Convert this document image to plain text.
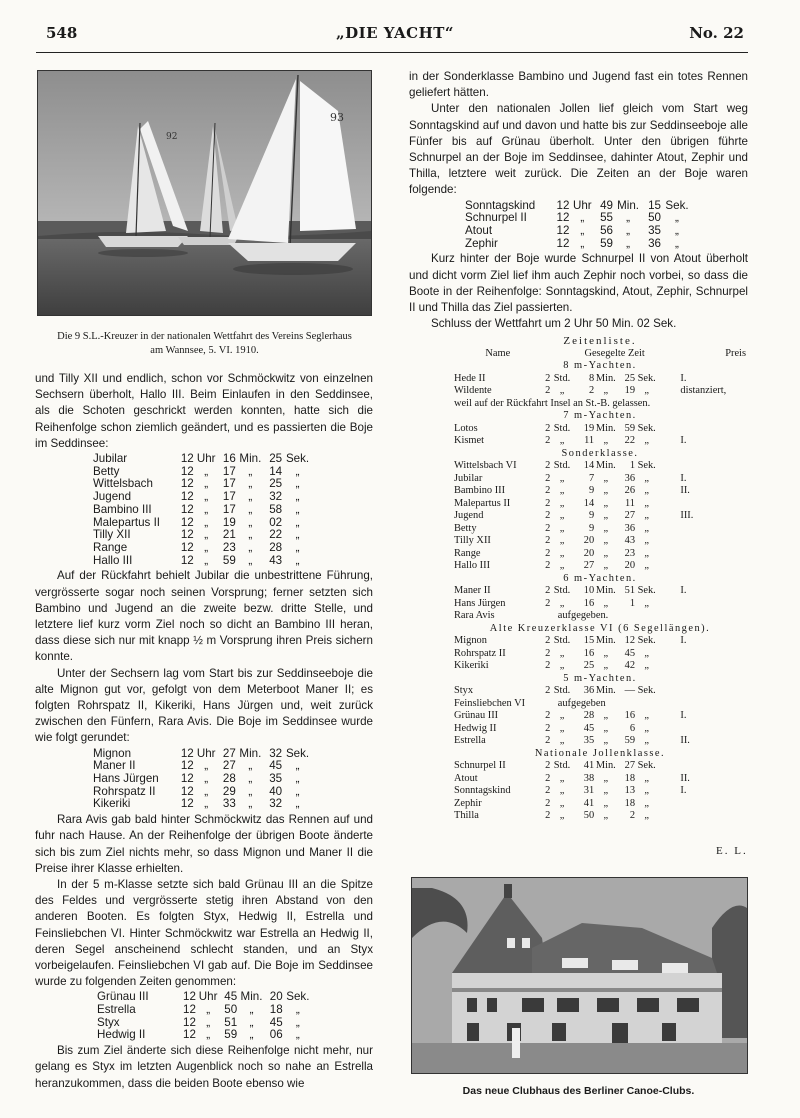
548	„DIE YACHT“	No. 22
92
93
Die 9 S.L.-Kreuzer in der nationalen Wettfahrt des Vereins Seglerhaus am Wannsee, 5. VI. 1910.

und Tilly XII und endlich, schon vor Schmöckwitz von einzelnen Sechsern überholt, Hallo III. Beim Einlaufen in den Seddinsee, als die Schoten geschrickt werden konnten, hatte sich die Reihenfolge schon ziemlich geändert, und es passierten die Boje im Seddinsee:

Jubilar	12	Uhr	16	Min.	25	Sek.
Betty	12	„	17	„	14	„
Wittelsbach	12	„	17	„	25	„
Jugend	12	„	17	„	32	„
Bambino III	12	„	17	„	58	„
Malepartus II	12	„	19	„	02	„
Tilly XII	12	„	21	„	22	„
Range	12	„	23	„	28	„
Hallo III	12	„	59	„	43	„

Auf der Rückfahrt behielt Jubilar die unbestrittene Führung, vergrösserte sogar noch seinen Vorsprung; ferner setzten sich Bambino und Jugend an die zweite bezw. dritte Stelle, und letztere lief kurz vorm Ziel noch so dicht an Bambino III heran, dass diese sich nur mit knapp ½ m Vorsprung ihren Preis sichern konnte.

Unter der Sechsern lag vom Start bis zur Seddinseeboje die alte Mignon gut vor, gefolgt von dem Meterboot Maner II; es folgten Rohrspatz II, Kikeriki, Hans Jürgen und, weit zurück zwischen den Fünfern, Rara Avis. Die Boje im Seddinsee wurde wie folgt gerundet:

Mignon	12	Uhr	27	Min.	32	Sek.
Maner II	12	„	27	„	45	„
Hans Jürgen	12	„	28	„	35	„
Rohrspatz II	12	„	29	„	40	„
Kikeriki	12	„	33	„	32	„

Rara Avis gab bald hinter Schmöckwitz das Rennen auf und fuhr nach Hause. An der Reihenfolge der übrigen Boote änderte sich bis zum Ziel nichts mehr, so dass Mignon und Maner II die Preise ihrer Klasse erhielten.

In der 5 m-Klasse setzte sich bald Grünau III an die Spitze des Feldes und vergrösserte stetig ihren Abstand von den anderen Booten. Es folgten Styx, Hedwig II, Estrella und Feinsliebchen VI. Hinter Schmöckwitz war Estrella an Hedwig II, deren Segel anscheinend schlecht standen, und an Styx vorbeigelaufen. Feinsliebchen VI gab auf. Die Boje im Seddinsee wurde zu folgenden Zeiten genommen:

Grünau III	12	Uhr	45	Min.	20	Sek.
Estrella	12	„	50	„	18	„
Styx	12	„	51	„	45	„
Hedwig II	12	„	59	„	06	„

Bis zum Ziel änderte sich diese Reihenfolge nicht mehr, nur gelang es Styx im letzten Augenblick noch so nahe an Estrella heranzukommen, dass die beiden Boote ebenso wie

in der Sonderklasse Bambino und Jugend fast ein totes Rennen geliefert hätten.

Unter den nationalen Jollen lief gleich vom Start weg Sonntagskind auf und davon und hatte bis zur Seddinseeboje alle Fünfer bis auf Grünau überholt. Unter den übrigen führte Schnurpel an der Boje im Seddinsee, dahinter Atout, Zephir und Thilla, letztere weit zurück. Die Zeiten an der Boje waren folgende:

Sonntagskind	12	Uhr	49	Min.	15	Sek.
Schnurpel II	12	„	55	„	50	„
Atout	12	„	56	„	35	„
Zephir	12	„	59	„	36	„

Kurz hinter der Boje wurde Schnurpel II von Atout überholt und dicht vorm Ziel lief ihm auch Zephir noch vorbei, so dass die Boote in der Reihenfolge: Sonntagskind, Atout, Zephir, Schnurpel II und Thilla das Ziel passierten.

Schluss der Wettfahrt um 2 Uhr 50 Min. 02 Sek.

Zeitenliste.
Name	Gesegelte Zeit	Preis
8 m-Yachten.
Hede II	2	Std.	8	Min.	25	Sek.	I.
Wildente	2	„	2	„	19	„	distanziert,
weil auf der Rückfahrt Insel an St.-B. gelassen.
7 m-Yachten.
Lotos	2	Std.	19	Min.	59	Sek.	
Kismet	2	„	11	„	22	„	I.
Sonderklasse.
Wittelsbach VI	2	Std.	14	Min.	1	Sek.	
Jubilar	2	„	7	„	36	„	I.
Bambino III	2	„	9	„	26	„	II.
Malepartus II	2	„	14	„	11	„	
Jugend	2	„	9	„	27	„	III.
Betty	2	„	9	„	36	„	
Tilly XII	2	„	20	„	43	„	
Range	2	„	20	„	23	„	
Hallo III	2	„	27	„	20	„	
6 m-Yachten.
Maner II	2	Std.	10	Min.	51	Sek.	I.
Hans Jürgen	2	„	16	„	1	„	
Rara Avis	aufgegeben.						
Alte Kreuzerklasse VI (6 Segellängen).
Mignon	2	Std.	15	Min.	12	Sek.	I.
Rohrspatz II	2	„	16	„	45	„	
Kikeriki	2	„	25	„	42	„	
5 m-Yachten.
Styx	2	Std.	36	Min.	—	Sek.	
Feinsliebchen VI	aufgegeben						
Grünau III	2	„	28	„	16	„	I.
Hedwig II	2	„	45	„	6	„	
Estrella	2	„	35	„	59	„	II.
Nationale Jollenklasse.
Schnurpel II	2	Std.	41	Min.	27	Sek.	
Atout	2	„	38	„	18	„	II.
Sonntagskind	2	„	31	„	13	„	I.
Zephir	2	„	41	„	18	„	
Thilla	2	„	50	„	2	„	
E. L.
Das neue Clubhaus des Berliner Canoe-Clubs.
